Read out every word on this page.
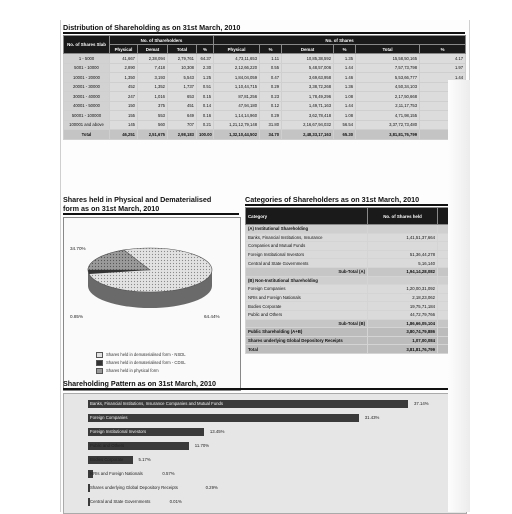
Distribution of Shareholding as on 31st March, 2010
No. of Shares Slab	No. of Shareholders				No. of Shares					
	Physical	Demat	Total	%	Physical	%	Demat	%	Total	%
1 - 5000	41,667	2,38,094	2,79,761	64.37	4,73,11,653	1.11	10,85,38,592	1.35	15,58,50,165	4.17
5001 - 10000	2,890	7,418	10,308	2.30	2,12,66,220	0.55	5,48,57,006	1.44	7,57,73,798	1.97
10001 - 20000	1,350	3,193	5,543	1.25	1,84,04,059	0.47	3,69,63,958	1.46	5,53,66,777	1.44
20001 - 30000	452	1,352	1,737	0.51	1,10,44,715	0.29	3,38,72,268	1.36	4,50,34,103	
30001 - 40000	247	1,016	653	0.15	87,81,256	0.23	1,78,49,296	1.08	2,17,50,668	
40001 - 50000	150	375	451	0.14	47,94,180	0.12	1,49,71,163	1.44	2,11,17,753	
50001 - 100000	155	553	649	0.16	1,14,14,960	0.29	3,62,78,418	1.08	4,71,98,155	
100001 and above	145	560	707	0.21	1,21,12,79,148	31.80	2,16,67,94,032	56.54	3,37,72,73,480	
Total	46,251	2,51,675	2,98,183	100.00	1,32,10,44,502	34.70	2,48,33,17,163	65.30	3,81,81,76,799	
Shares held in Physical and Dematerialised
form as on 31st March, 2010
34.70%
0.85%	64.44%
Shares held in dematerialised form - NSDL
Shares held in dematerialised form - CDSL
Shares held in physical form
Categories of Shareholders as on 31st March, 2010
Category	No. of Shares held	
(A) Institutional Shareholding		
Banks, Financial Institutions, Insurance	1,41,51,37,664	
Companies and Mutual Funds		
Foreign Institutional Investors	51,36,44,278	
Central and State Governments	5,16,140	
Sub-Total (A)	1,94,14,28,082	
(B) Non-Institutional Shareholding		
Foreign Companies	1,20,00,31,092	
NRIs and Foreign Nationals	2,18,23,062	
Bodies Corporate	19,75,71,184	
Public and Others	44,72,79,766	
Sub-Total (B)	1,86,66,05,104	
Public Shareholding (A+B)	3,80,74,79,886	
Shares underlying Global Depository Receipts	1,07,00,084	
Total	3,81,81,76,799	
Shareholding Pattern as on 31st March, 2010
Banks, Financial Institutions, Insurance Companies and Mutual Funds	37.14%
Foreign Companies	31.43%
Foreign Institutional Investors	13.45%
Public and Others	11.70%
Bodies Corporate	5.17%
NRIs and Foreign Nationals	0.57%
Shares underlying Global Depository Receipts	0.29%
Central and State Governments	0.01%
